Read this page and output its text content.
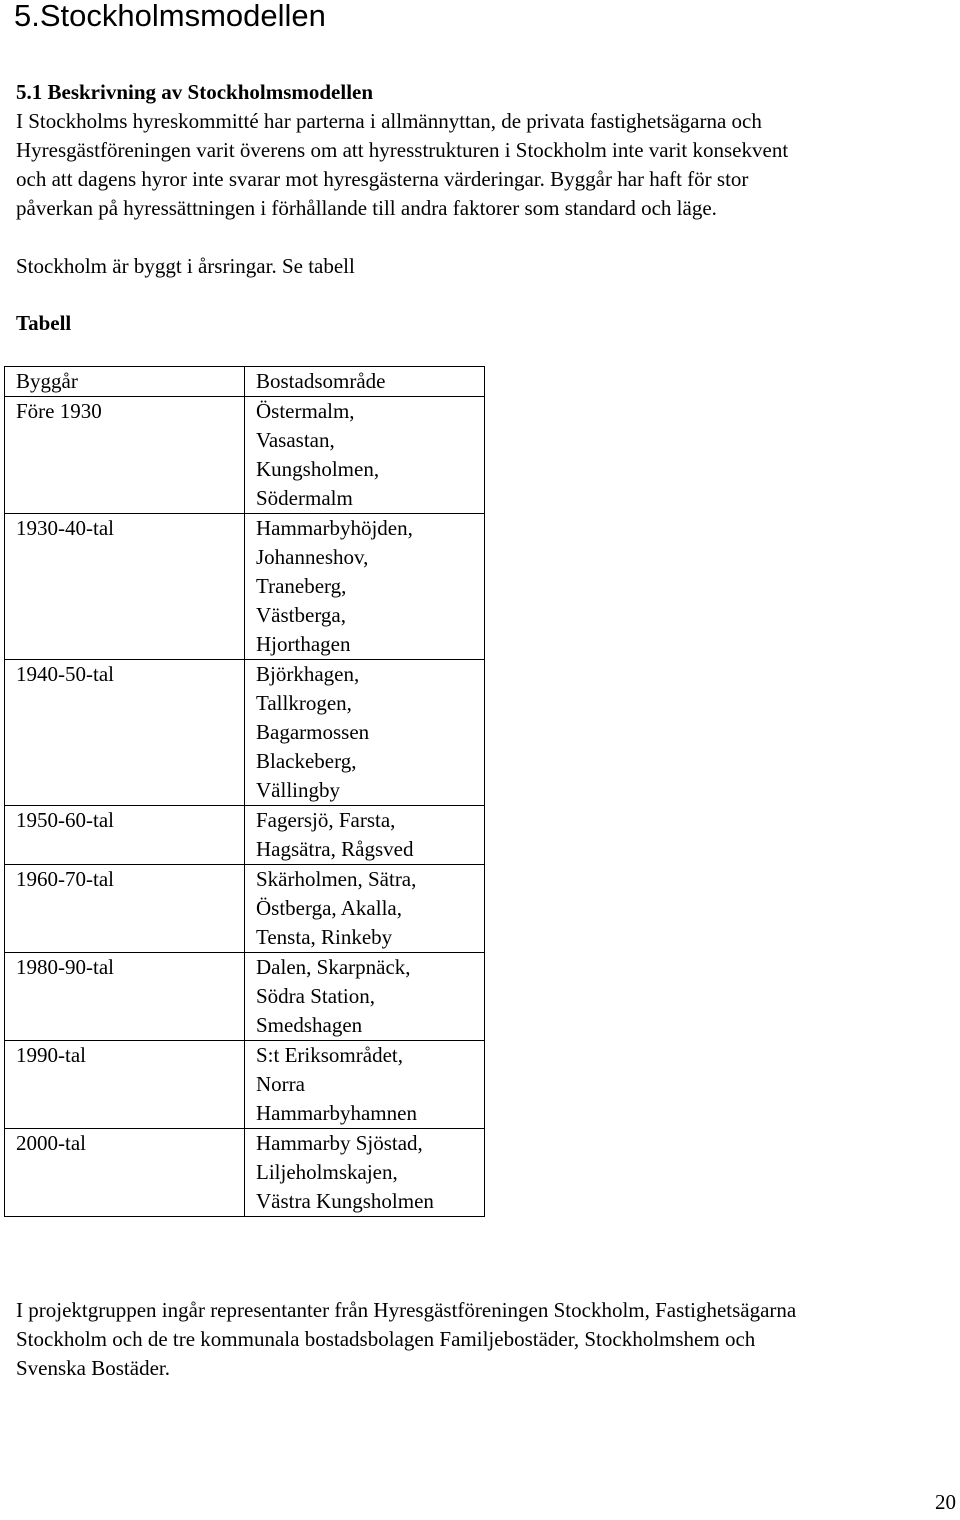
5.Stockholmsmodellen

5.1 Beskrivning av Stockholmsmodellen

I Stockholms hyreskommitté har parterna i allmännyttan, de privata fastighetsägarna och
Hyresgästföreningen varit överens om att hyresstrukturen i Stockholm inte varit konsekvent
och att dagens hyror inte svarar mot hyresgästerna värderingar. Byggår har haft för stor
påverkan på hyressättningen i förhållande till andra faktorer som standard och läge.

Stockholm är byggt i årsringar. Se tabell

Tabell

Byggår	Bostadsområde
Före 1930	Östermalm,
Vasastan,
Kungsholmen,
Södermalm

1930-40-tal	Hammarbyhöjden,
Johanneshov,
Traneberg,
Västberga,
Hjorthagen

1940-50-tal	Björkhagen,
Tallkrogen,
Bagarmossen
Blackeberg,
Vällingby

1950-60-tal	Fagersjö, Farsta,
Hagsätra, Rågsved

1960-70-tal	Skärholmen, Sätra,
Östberga, Akalla,
Tensta, Rinkeby

1980-90-tal	Dalen, Skarpnäck,
Södra Station,
Smedshagen

1990-tal	S:t Eriksområdet,
Norra
Hammarbyhamnen

2000-tal	Hammarby Sjöstad,
Liljeholmskajen,
Västra Kungsholmen
I projektgruppen ingår representanter från Hyresgästföreningen Stockholm, Fastighetsägarna
Stockholm och de tre kommunala bostadsbolagen Familjebostäder, Stockholmshem och
Svenska Bostäder.

20
